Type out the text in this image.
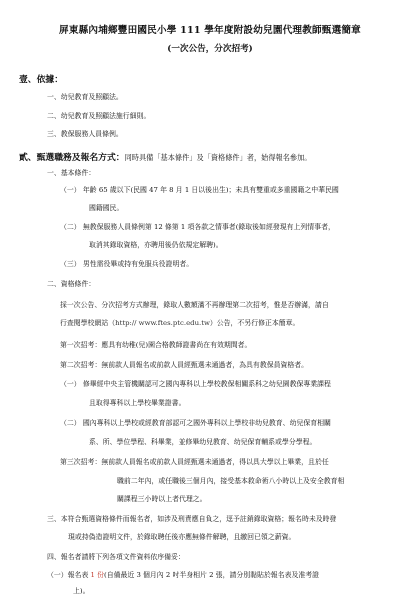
屏東縣內埔鄉豐田國民小學 111 學年度附設幼兒園代理教師甄選簡章
(一次公告，分次招考)
壹、依據：
一、幼兒教育及照顧法。
二、幼兒教育及照顧法施行細則。
三、教保服務人員條例。
貳、甄選職務及報名方式：同時具備「基本條件」及「資格條件」者，始得報名參加。
一、基本條件：
（一） 年齡 65 歲以下(民國 47 年 8 月 1 日以後出生)；未具有雙重或多重國籍之中華民國
國籍國民。
（二） 無教保服務人員條例第 12 條第 1 項各款之情事者(錄取後如經發現有上列情事者，
取消其錄取資格，亦聘用後仍依規定解聘)。
（三） 男性需役畢或持有免服兵役證明者。
二、資格條件：
採一次公告、分次招考方式辦理，錄取人數額滿不再辦理第二次招考，惟是否辦滿，請自
行查閱學校網站（http:// www.ftes.ptc.edu.tw）公告，不另行修正本簡章。
第一次招考：應具有幼稚(兒)園合格教師證書尚在有效期間者。
第二次招考：無前款人員報名或前款人員經甄選未通過者，為具有教保員資格者。
（一） 修畢經中央主管機關認可之國內專科以上學校教保相關系科之幼兒園教保專業課程
且取得專科以上學校畢業證書。
（二） 國內專科以上學校或經教育部認可之國外專科以上學校非幼兒教育、幼兒保育相關
系、所、學位學程、科畢業，並修畢幼兒教育、幼兒保育輔系或學分學程。
第三次招考：無前款人員報名或前款人員經甄選未通過者，得以具大學以上畢業，且於任
職前二年內，或任職後三個月內，接受基本救命術八小時以上及安全教育相
關課程三小時以上者代理之。
三、本符合甄選資格條件而報名者，如涉及刑責應自負之，逕予註銷錄取資格；報名時未及時發
現或持偽造證明文件，於錄取聘任後亦應無條件解聘，且繳回已領之薪資。
四、報名者請將下列各項文件資料依序備妥：
（一）報名表 1 份(自備最近 3 個月內 2 吋半身相片 2 張，請分別黏貼於報名表及准考證
上)。
